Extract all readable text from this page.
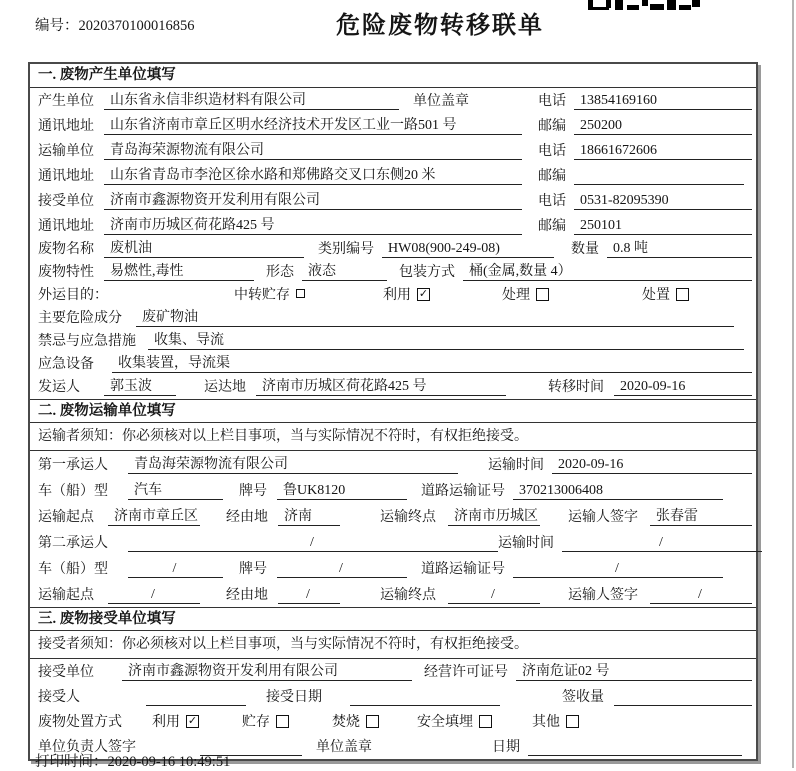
编号：2020370100016856	危险废物转移联单
一. 废物产生单位填写
产生单位	山东省永信非织造材料有限公司	单位盖章	电话	13854169160
通讯地址	山东省济南市章丘区明水经济技术开发区工业一路501 号	邮编	250200
运输单位	青岛海荣源物流有限公司	电话	18661672606
通讯地址	山东省青岛市李沧区徐水路和郑佛路交叉口东侧20 米	邮编
接受单位	济南市鑫源物资开发利用有限公司	电话	0531-82095390
通讯地址	济南市历城区荷花路425 号	邮编	250101
废物名称	废机油	类别编号	HW08(900-249-08)	数量	0.8 吨
废物特性	易燃性,毒性	形态	液态	包装方式	桶(金属,数量 4）
外运目的：	中转贮存	利用 ✓	处理	处置
主要危险成分	废矿物油
禁忌与应急措施	收集、导流
应急设备	收集装置，导流渠
发运人	郭玉波	运达地	济南市历城区荷花路425 号	转移时间	2020-09-16
二. 废物运输单位填写
运输者须知：你必须核对以上栏目事项，当与实际情况不符时，有权拒绝接受。
第一承运人	青岛海荣源物流有限公司	运输时间	2020-09-16
车（船）型	汽车	牌号	鲁UK8120	道路运输证号	370213006408
运输起点	济南市章丘区 经由地	济南	运输终点	济南市历城区 运输人签字	张春雷
第二承运人	/	运输时间	/
车（船）型	/	牌号	/	道路运输证号	/
运输起点	/	经由地	/	运输终点	/	运输人签字	/
三. 废物接受单位填写
接受者须知：你必须核对以上栏目事项，当与实际情况不符时，有权拒绝接受。
接受单位	济南市鑫源物资开发利用有限公司	经营许可证号	济南危证02 号
接受人	接受日期	签收量
废物处置方式 利用 ✓	贮存	焚烧	安全填埋	其他
单位负责人签字	单位盖章	日期
打印时间：2020-09-16 10:49:51
